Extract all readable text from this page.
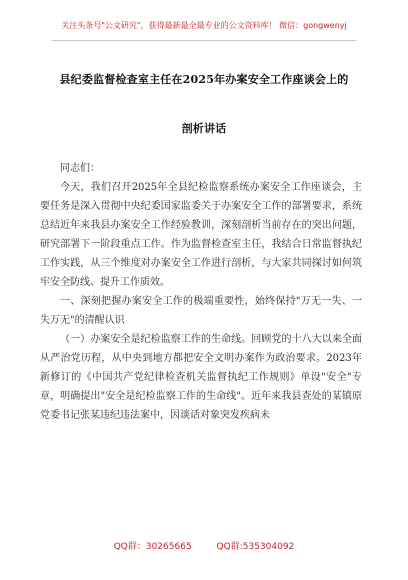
关注头条号"公文研究"，获得最新最全最专业的公文资料库！ 微信：gongwenyj
县纪委监督检查室主任在2025年办案安全工作座谈会上的
剖析讲话

同志们：

今天，我们召开2025年全县纪检监察系统办案安全工作座谈会，主要任务是深入贯彻中央纪委国家监委关于办案安全工作的部署要求，系统总结近年来我县办案安全工作经验教训，深刻剖析当前存在的突出问题，研究部署下一阶段重点工作。作为监督检查室主任，我结合日常监督执纪工作实践，从三个维度对办案安全工作进行剖析，与大家共同探讨如何筑牢安全防线、提升工作质效。

一、深刻把握办案安全工作的极端重要性，始终保持"万无一失、一失万无"的清醒认识

（一）办案安全是纪检监察工作的生命线。回顾党的十八大以来全面从严治党历程，从中央到地方都把安全文明办案作为政治要求。2023年新修订的《中国共产党纪律检查机关监督执纪工作规则》单设"安全"专章，明确提出"安全是纪检监察工作的生命线"。近年来我县查处的某镇原党委书记张某违纪违法案中，因谈话对象突发疾病未

QQ群：30265665	QQ群:535304092
